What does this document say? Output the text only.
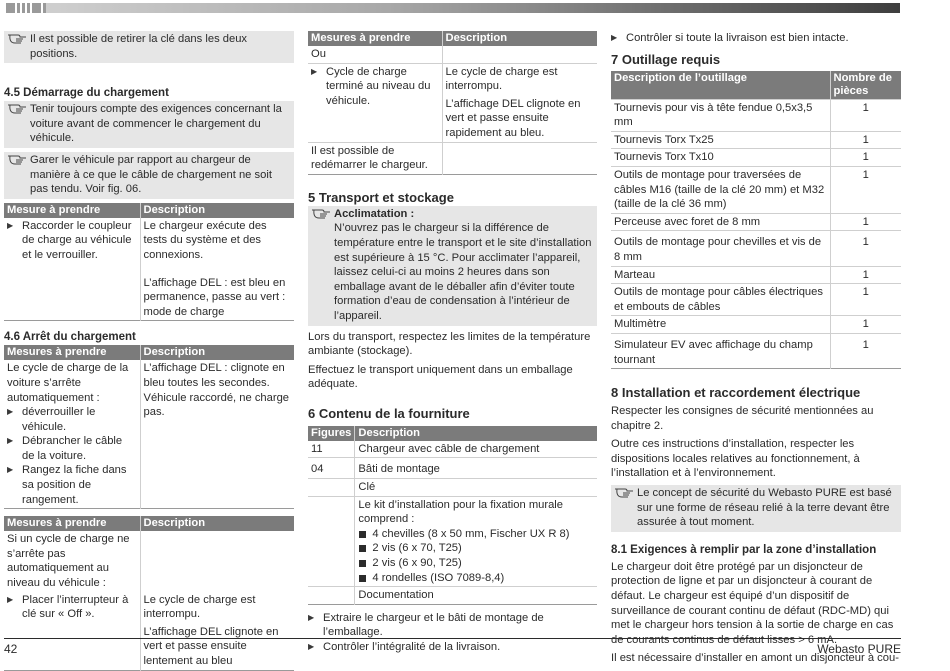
Il est possible de retirer la clé dans les deux positions.

4.5 Démarrage du chargement

Tenir toujours compte des exigences concernant la voiture avant de commencer le chargement du véhicule.

Garer le véhicule par rapport au chargeur de manière à ce que le câble de chargement ne soit pas tendu. Voir fig. 06.

Mesure à prendre	Description

▶ Raccorder le coupleur de charge au véhicule et le verrouiller.	Le chargeur exécute des tests du système et des connexions.
L’affichage DEL : est bleu en permanence, passe au vert : mode de charge
4.6 Arrêt du chargement
Mesures à prendre	Description

Le cycle de charge de la voiture s’arrête automatiquement :
▶ déverrouiller le véhicule.
▶ Débrancher le câble de la voiture.
▶ Rangez la fiche dans sa position de rangement.	L’affichage DEL : clignote en bleu toutes les secondes. Véhicule raccordé, ne charge pas.
Mesures à prendre	Description

Si un cycle de charge ne s’arrête pas automatiquement au niveau du véhicule :	

▶ Placer l’interrupteur à clé sur « Off ».	Le cycle de charge est interrompu.
L’affichage DEL clignote en vert et passe ensuite lentement au bleu
Mesures à prendre	Description
Ou	

▶ Cycle de charge terminé au niveau du véhicule.	Le cycle de charge est interrompu.
L’affichage DEL clignote en vert et passe ensuite rapidement au bleu.

Il est possible de redémarrer le chargeur.	
5 Transport et stockage

Acclimatation :

N’ouvrez pas le chargeur si la différence de température entre le transport et le site d’installation est supérieure à 15 °C. Pour acclimater l’appareil, laissez celui-ci au moins 2 heures dans son emballage avant de le déballer afin d’éviter toute formation d’eau de condensation à l’intérieur de l’appareil.

Lors du transport, respectez les limites de la température ambiante (stockage).

Effectuez le transport uniquement dans un emballage adéquate.

6 Contenu de la fourniture
Figures	Description
11	Chargeur avec câble de chargement
04	Bâti de montage
	Clé

	Le kit d’installation pour la fixation murale comprend :
4 chevilles (8 x 50 mm, Fischer UX R 8)
2 vis (6 x 70, T25)
2 vis (6 x 90, T25)
4 rondelles (ISO 7089-8,4)

	Documentation
▶ Extraire le chargeur et le bâti de montage de l’emballage.
▶ Contrôler l’intégralité de la livraison.
▶ Contrôler si toute la livraison est bien intacte.
7 Outillage requis
Description de l’outillage	Nombre de pièces
Tournevis pour vis à tête fendue 0,5x3,5 mm	1
Tournevis Torx Tx25	1
Tournevis Torx Tx10	1
Outils de montage pour traversées de câbles M16 (taille de la clé 20 mm) et M32 (taille de la clé 36 mm)	1
Perceuse avec foret de 8 mm	1
Outils de montage pour chevilles et vis de 8 mm	1
Marteau	1
Outils de montage pour câbles électriques et embouts de câbles	1
Multimètre	1
Simulateur EV avec affichage du champ tournant	1
8 Installation et raccordement électrique

Respecter les consignes de sécurité mentionnées au chapitre 2.

Outre ces instructions d’installation, respecter les dispositions locales relatives au fonctionnement, à l’installation et à l’environnement.

Le concept de sécurité du Webasto PURE est basé sur une forme de réseau relié à la terre devant être assurée à tout moment.

8.1 Exigences à remplir par la zone d’installation

Le chargeur doit être protégé par un disjoncteur de protection de ligne et par un disjoncteur à courant de défaut. Le chargeur est équipé d’un dispositif de surveillance de courant continu de défaut (RDC-MD) qui met le chargeur hors tension à la sortie de charge en cas de courants continus de défaut lisses > 6 mA.

Il est nécessaire d’installer en amont un disjoncteur à cou-

42	Webasto PURE
